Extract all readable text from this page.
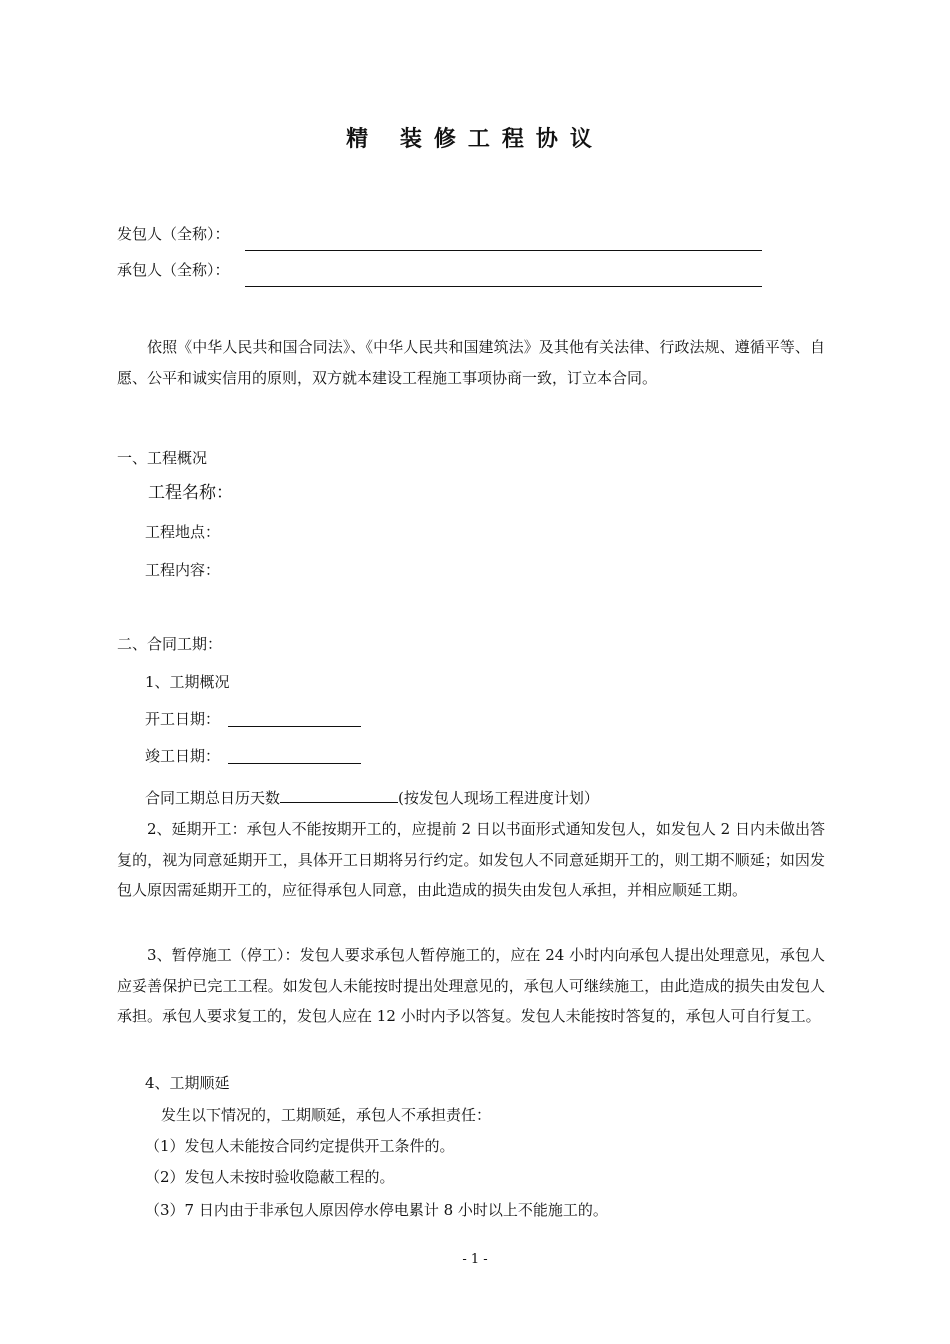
精 装修工程协议
发包人（全称）：
承包人（全称）：
依照《中华人民共和国合同法》、《中华人民共和国建筑法》及其他有关法律、行政法规、遵循平等、自愿、公平和诚实信用的原则，双方就本建设工程施工事项协商一致，订立本合同。
一、工程概况
工程名称：
工程地点：
工程内容：
二、合同工期：
1、工期概况
开工日期：
竣工日期：
合同工期总日历天数	(按发包人现场工程进度计划）
2、延期开工：承包人不能按期开工的，应提前 2 日以书面形式通知发包人，如发包人 2 日内未做出答复的，视为同意延期开工，具体开工日期将另行约定。如发包人不同意延期开工的，则工期不顺延；如因发包人原因需延期开工的，应征得承包人同意，由此造成的损失由发包人承担，并相应顺延工期。
3、暂停施工（停工）：发包人要求承包人暂停施工的，应在 24 小时内向承包人提出处理意见，承包人应妥善保护已完工工程。如发包人未能按时提出处理意见的，承包人可继续施工，由此造成的损失由发包人承担。承包人要求复工的，发包人应在 12 小时内予以答复。发包人未能按时答复的，承包人可自行复工。
4、工期顺延
发生以下情况的，工期顺延，承包人不承担责任：
（1）发包人未能按合同约定提供开工条件的。
（2）发包人未按时验收隐蔽工程的。
（3）7 日内由于非承包人原因停水停电累计 8 小时以上不能施工的。
- 1 -
